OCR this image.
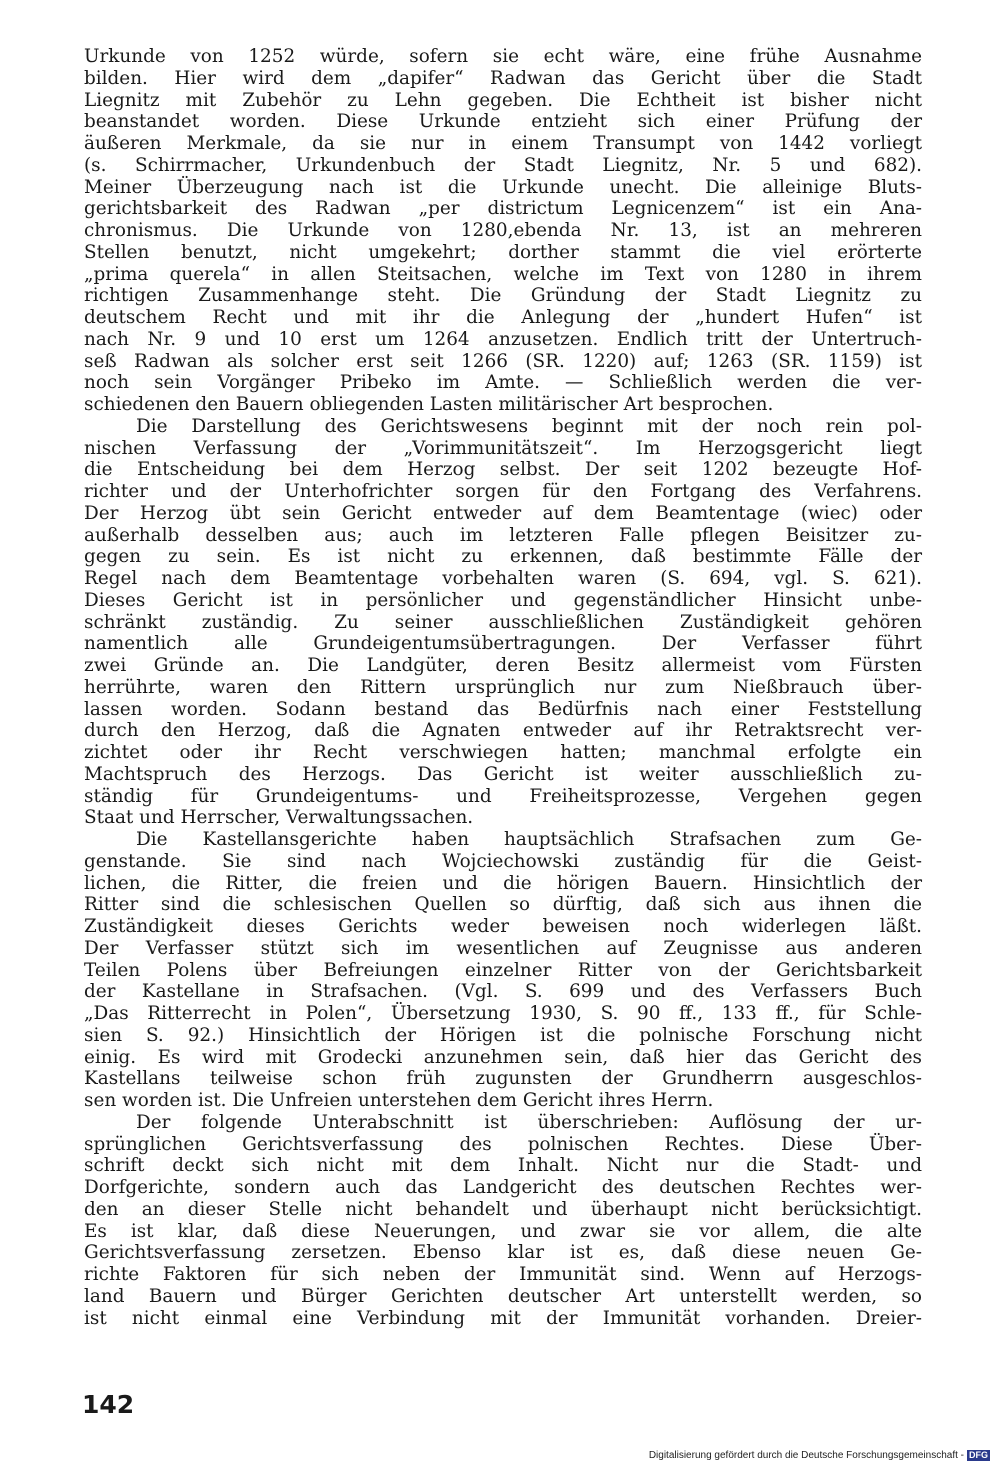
Urkunde von 1252 würde, sofern sie echt wäre, eine frühe Ausnahme
bilden. Hier wird dem „dapifer“ Radwan das Gericht über die Stadt
Liegnitz mit Zubehör zu Lehn gegeben. Die Echtheit ist bisher nicht
beanstandet worden. Diese Urkunde entzieht sich einer Prüfung der
äußeren Merkmale, da sie nur in einem Transumpt von 1442 vorliegt
(s. Schirrmacher, Urkundenbuch der Stadt Liegnitz, Nr. 5 und 682).
Meiner Überzeugung nach ist die Urkunde unecht. Die alleinige Bluts-
gerichtsbarkeit des Radwan „per districtum Legnicenzem“ ist ein Ana-
chronismus. Die Urkunde von 1280,ebenda Nr. 13, ist an mehreren
Stellen benutzt, nicht umgekehrt; dorther stammt die viel erörterte
„prima querela“ in allen Steitsachen, welche im Text von 1280 in ihrem
richtigen Zusammenhange steht. Die Gründung der Stadt Liegnitz zu
deutschem Recht und mit ihr die Anlegung der „hundert Hufen“ ist
nach Nr. 9 und 10 erst um 1264 anzusetzen. Endlich tritt der Untertruch-
seß Radwan als solcher erst seit 1266 (SR. 1220) auf; 1263 (SR. 1159) ist
noch sein Vorgänger Pribeko im Amte. — Schließlich werden die ver-
schiedenen den Bauern obliegenden Lasten militärischer Art besprochen.
Die Darstellung des Gerichtswesens beginnt mit der noch rein pol-
nischen Verfassung der „Vorimmunitätszeit“. Im Herzogsgericht liegt
die Entscheidung bei dem Herzog selbst. Der seit 1202 bezeugte Hof-
richter und der Unterhofrichter sorgen für den Fortgang des Verfahrens.
Der Herzog übt sein Gericht entweder auf dem Beamtentage (wiec) oder
außerhalb desselben aus; auch im letzteren Falle pflegen Beisitzer zu-
gegen zu sein. Es ist nicht zu erkennen, daß bestimmte Fälle der
Regel nach dem Beamtentage vorbehalten waren (S. 694, vgl. S. 621).
Dieses Gericht ist in persönlicher und gegenständlicher Hinsicht unbe-
schränkt zuständig. Zu seiner ausschließlichen Zuständigkeit gehören
namentlich alle Grundeigentumsübertragungen. Der Verfasser führt
zwei Gründe an. Die Landgüter, deren Besitz allermeist vom Fürsten
herrührte, waren den Rittern ursprünglich nur zum Nießbrauch über-
lassen worden. Sodann bestand das Bedürfnis nach einer Feststellung
durch den Herzog, daß die Agnaten entweder auf ihr Retraktsrecht ver-
zichtet oder ihr Recht verschwiegen hatten; manchmal erfolgte ein
Machtspruch des Herzogs. Das Gericht ist weiter ausschließlich zu-
ständig für Grundeigentums- und Freiheitsprozesse, Vergehen gegen
Staat und Herrscher, Verwaltungssachen.
Die Kastellansgerichte haben hauptsächlich Strafsachen zum Ge-
genstande. Sie sind nach Wojciechowski zuständig für die Geist-
lichen, die Ritter, die freien und die hörigen Bauern. Hinsichtlich der
Ritter sind die schlesischen Quellen so dürftig, daß sich aus ihnen die
Zuständigkeit dieses Gerichts weder beweisen noch widerlegen läßt.
Der Verfasser stützt sich im wesentlichen auf Zeugnisse aus anderen
Teilen Polens über Befreiungen einzelner Ritter von der Gerichtsbarkeit
der Kastellane in Strafsachen. (Vgl. S. 699 und des Verfassers Buch
„Das Ritterrecht in Polen“, Übersetzung 1930, S. 90 ff., 133 ff., für Schle-
sien S. 92.) Hinsichtlich der Hörigen ist die polnische Forschung nicht
einig. Es wird mit Grodecki anzunehmen sein, daß hier das Gericht des
Kastellans teilweise schon früh zugunsten der Grundherrn ausgeschlos-
sen worden ist. Die Unfreien unterstehen dem Gericht ihres Herrn.
Der folgende Unterabschnitt ist überschrieben: Auflösung der ur-
sprünglichen Gerichtsverfassung des polnischen Rechtes. Diese Über-
schrift deckt sich nicht mit dem Inhalt. Nicht nur die Stadt- und
Dorfgerichte, sondern auch das Landgericht des deutschen Rechtes wer-
den an dieser Stelle nicht behandelt und überhaupt nicht berücksichtigt.
Es ist klar, daß diese Neuerungen, und zwar sie vor allem, die alte
Gerichtsverfassung zersetzen. Ebenso klar ist es, daß diese neuen Ge-
richte Faktoren für sich neben der Immunität sind. Wenn auf Herzogs-
land Bauern und Bürger Gerichten deutscher Art unterstellt werden, so
ist nicht einmal eine Verbindung mit der Immunität vorhanden. Dreier-
142
Digitalisierung gefördert durch die Deutsche Forschungsgemeinschaft - DFG
